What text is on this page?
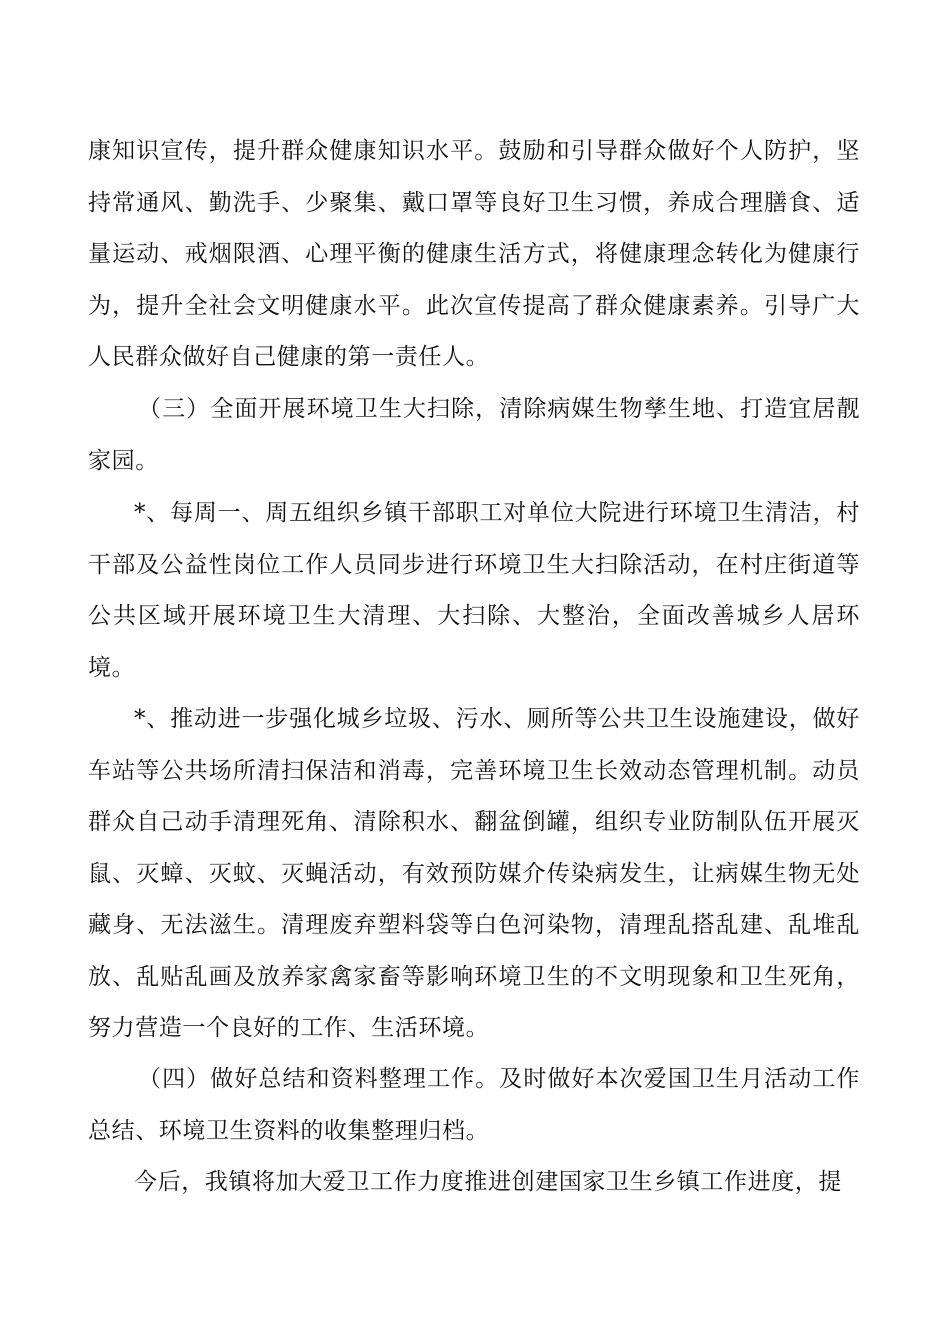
康知识宣传，提升群众健康知识水平。鼓励和引导群众做好个人防护，坚持常通风、勤洗手、少聚集、戴口罩等良好卫生习惯，养成合理膳食、适量运动、戒烟限酒、心理平衡的健康生活方式，将健康理念转化为健康行为，提升全社会文明健康水平。此次宣传提高了群众健康素养。引导广大人民群众做好自己健康的第一责任人。

（三）全面开展环境卫生大扫除，清除病媒生物孳生地、打造宜居靓家园。

*、每周一、周五组织乡镇干部职工对单位大院进行环境卫生清洁，村干部及公益性岗位工作人员同步进行环境卫生大扫除活动，在村庄街道等公共区域开展环境卫生大清理、大扫除、大整治，全面改善城乡人居环境。

*、推动进一步强化城乡垃圾、污水、厕所等公共卫生设施建设，做好车站等公共场所清扫保洁和消毒，完善环境卫生长效动态管理机制。动员群众自己动手清理死角、清除积水、翻盆倒罐，组织专业防制队伍开展灭鼠、灭蟑、灭蚊、灭蝇活动，有效预防媒介传染病发生，让病媒生物无处藏身、无法滋生。清理废弃塑料袋等白色河染物，清理乱搭乱建、乱堆乱放、乱贴乱画及放养家禽家畜等影响环境卫生的不文明现象和卫生死角，努力营造一个良好的工作、生活环境。

（四）做好总结和资料整理工作。及时做好本次爱国卫生月活动工作总结、环境卫生资料的收集整理归档。

今后，我镇将加大爱卫工作力度推进创建国家卫生乡镇工作进度，提
